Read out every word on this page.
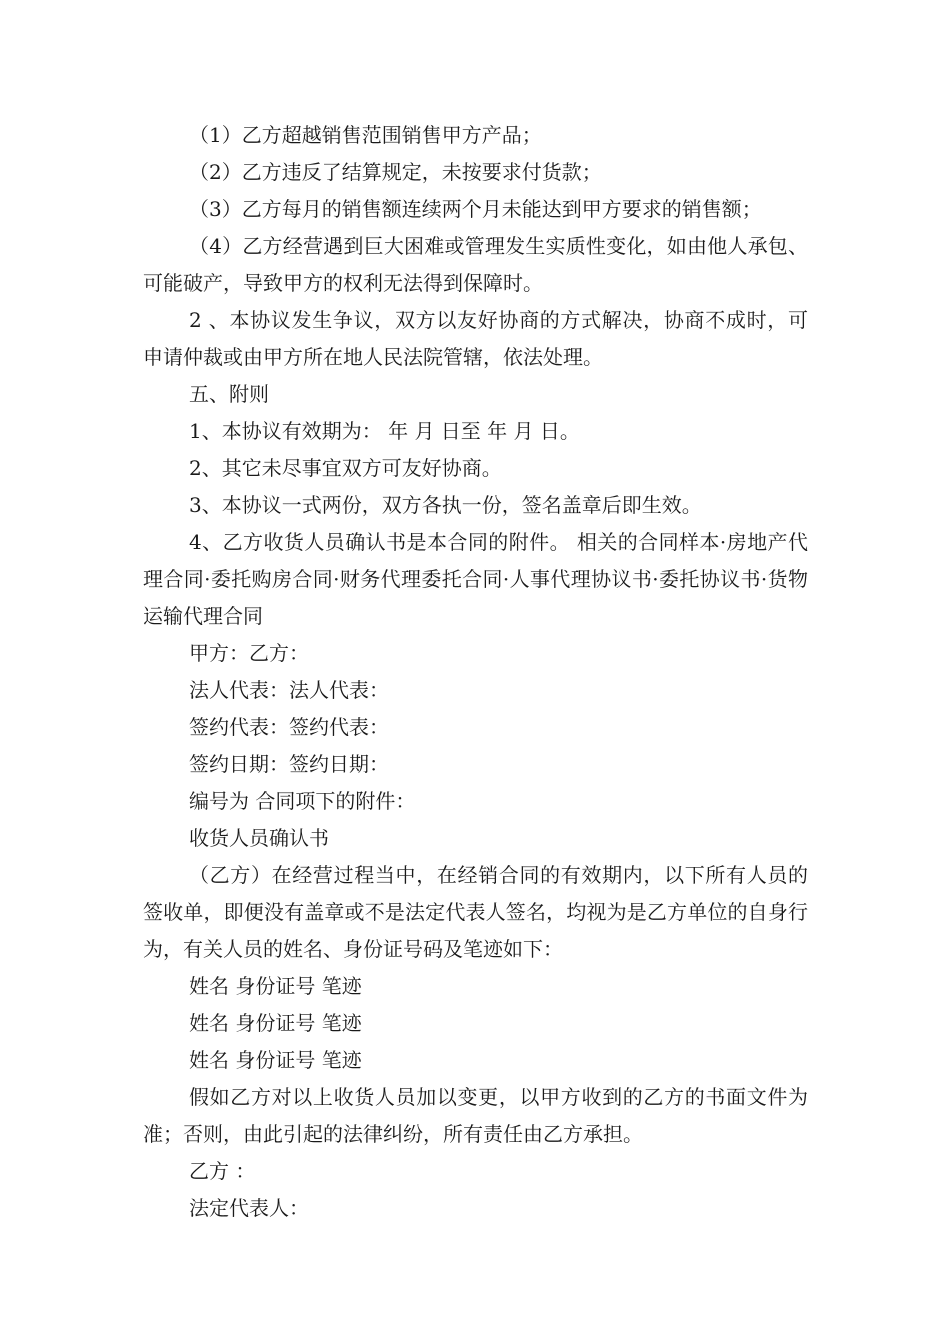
（1）乙方超越销售范围销售甲方产品；

（2）乙方违反了结算规定，未按要求付货款；

（3）乙方每月的销售额连续两个月未能达到甲方要求的销售额；

（4）乙方经营遇到巨大困难或管理发生实质性变化，如由他人承包、可能破产，导致甲方的权利无法得到保障时。

2 、本协议发生争议，双方以友好协商的方式解决，协商不成时，可申请仲裁或由甲方所在地人民法院管辖，依法处理。

五、附则

1、本协议有效期为： 年 月 日至 年 月 日。

2、其它未尽事宜双方可友好协商。

3、本协议一式两份，双方各执一份，签名盖章后即生效。

4、乙方收货人员确认书是本合同的附件。 相关的合同样本·房地产代理合同·委托购房合同·财务代理委托合同·人事代理协议书·委托协议书·货物运输代理合同

甲方：乙方：

法人代表：法人代表：

签约代表：签约代表：

签约日期：签约日期：

编号为 合同项下的附件：

收货人员确认书

（乙方）在经营过程当中，在经销合同的有效期内，以下所有人员的签收单，即便没有盖章或不是法定代表人签名，均视为是乙方单位的自身行为，有关人员的姓名、身份证号码及笔迹如下：

姓名 身份证号 笔迹

姓名 身份证号 笔迹

姓名 身份证号 笔迹

假如乙方对以上收货人员加以变更，以甲方收到的乙方的书面文件为准；否则，由此引起的法律纠纷，所有责任由乙方承担。

乙方 ：

法定代表人：
